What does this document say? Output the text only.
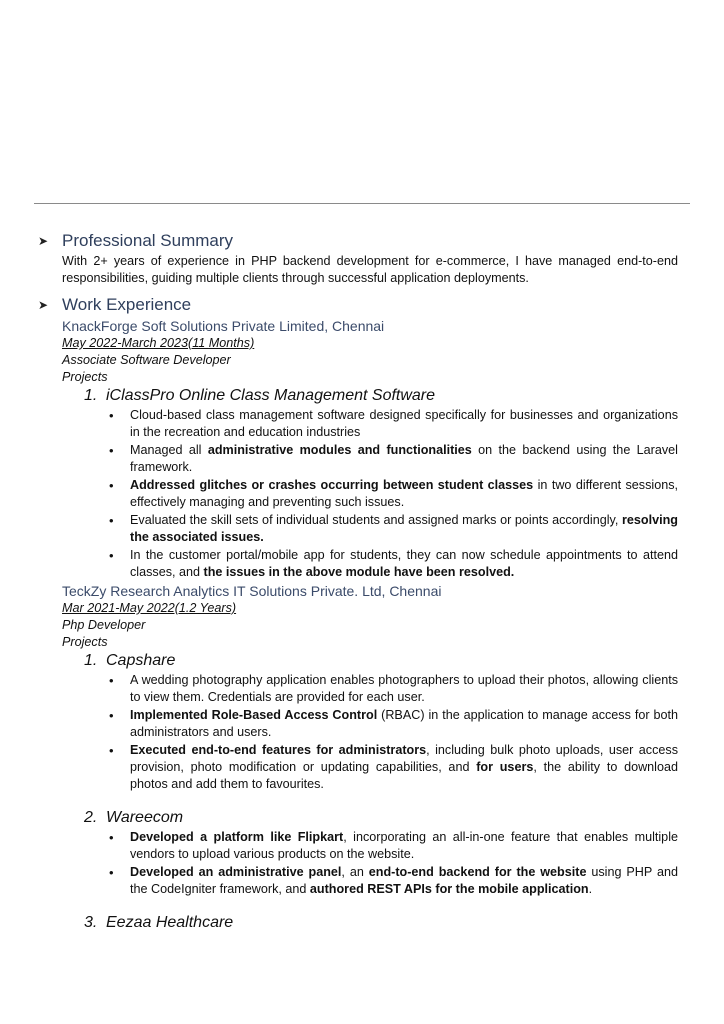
➤ Professional Summary
With 2+ years of experience in PHP backend development for e-commerce, I have managed end-to-end responsibilities, guiding multiple clients through successful application deployments.
➤ Work Experience
KnackForge Soft Solutions Private Limited, Chennai
May 2022-March 2023(11 Months)
Associate Software Developer
Projects
1. iClassPro Online Class Management Software
• Cloud-based class management software designed specifically for businesses and organizations in the recreation and education industries
• Managed all administrative modules and functionalities on the backend using the Laravel framework.
• Addressed glitches or crashes occurring between student classes in two different sessions, effectively managing and preventing such issues.
• Evaluated the skill sets of individual students and assigned marks or points accordingly, resolving the associated issues.
• In the customer portal/mobile app for students, they can now schedule appointments to attend classes, and the issues in the above module have been resolved.
TeckZy Research Analytics IT Solutions Private. Ltd, Chennai
Mar 2021-May 2022(1.2 Years)
Php Developer
Projects
1. Capshare
• A wedding photography application enables photographers to upload their photos, allowing clients to view them. Credentials are provided for each user.
• Implemented Role-Based Access Control (RBAC) in the application to manage access for both administrators and users.
• Executed end-to-end features for administrators, including bulk photo uploads, user access provision, photo modification or updating capabilities, and for users, the ability to download photos and add them to favourites.
2. Wareecom
• Developed a platform like Flipkart, incorporating an all-in-one feature that enables multiple vendors to upload various products on the website.
• Developed an administrative panel, an end-to-end backend for the website using PHP and the CodeIgniter framework, and authored REST APIs for the mobile application.
3. Eezaa Healthcare
